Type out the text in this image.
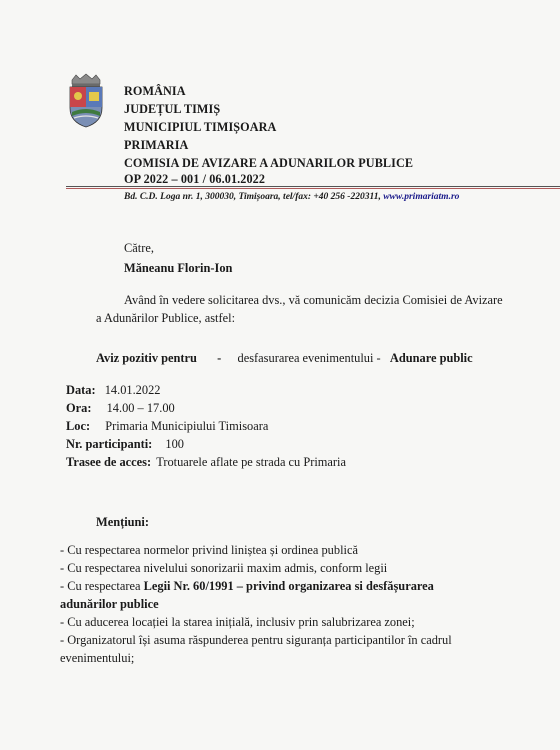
ROMÂNIA
JUDEȚUL TIMIȘ
MUNICIPIUL TIMIȘOARA
PRIMARIA
COMISIA DE AVIZARE A ADUNARILOR PUBLICE
OP 2022 – 001 / 06.01.2022
Bd. C.D. Loga nr. 1, 300030, Timișoara, tel/fax: +40 256 -220311, www.primariatm.ro
Către,
Măneanu Florin-Ion
Având în vedere solicitarea dvs., vă comunicăm decizia Comisiei de Avizare
a Adunărilor Publice, astfel:
Aviz pozitiv pentru - desfasurarea evenimentului - Adunare public
Data: 14.01.2022
Ora: 14.00 – 17.00
Loc: Primaria Municipiului Timisoara
Nr. participanti: 100
Trasee de acces: Trotuarele aflate pe strada cu Primaria
Mențiuni:
- Cu respectarea normelor privind liniștea și ordinea publică
- Cu respectarea nivelului sonorizarii maxim admis, conform legii
- Cu respectarea Legii Nr. 60/1991 – privind organizarea si desfășurarea
adunărilor publice
- Cu aducerea locației la starea inițială, inclusiv prin salubrizarea zonei;
- Organizatorul își asuma răspunderea pentru siguranța participantilor în cadrul
evenimentului;
